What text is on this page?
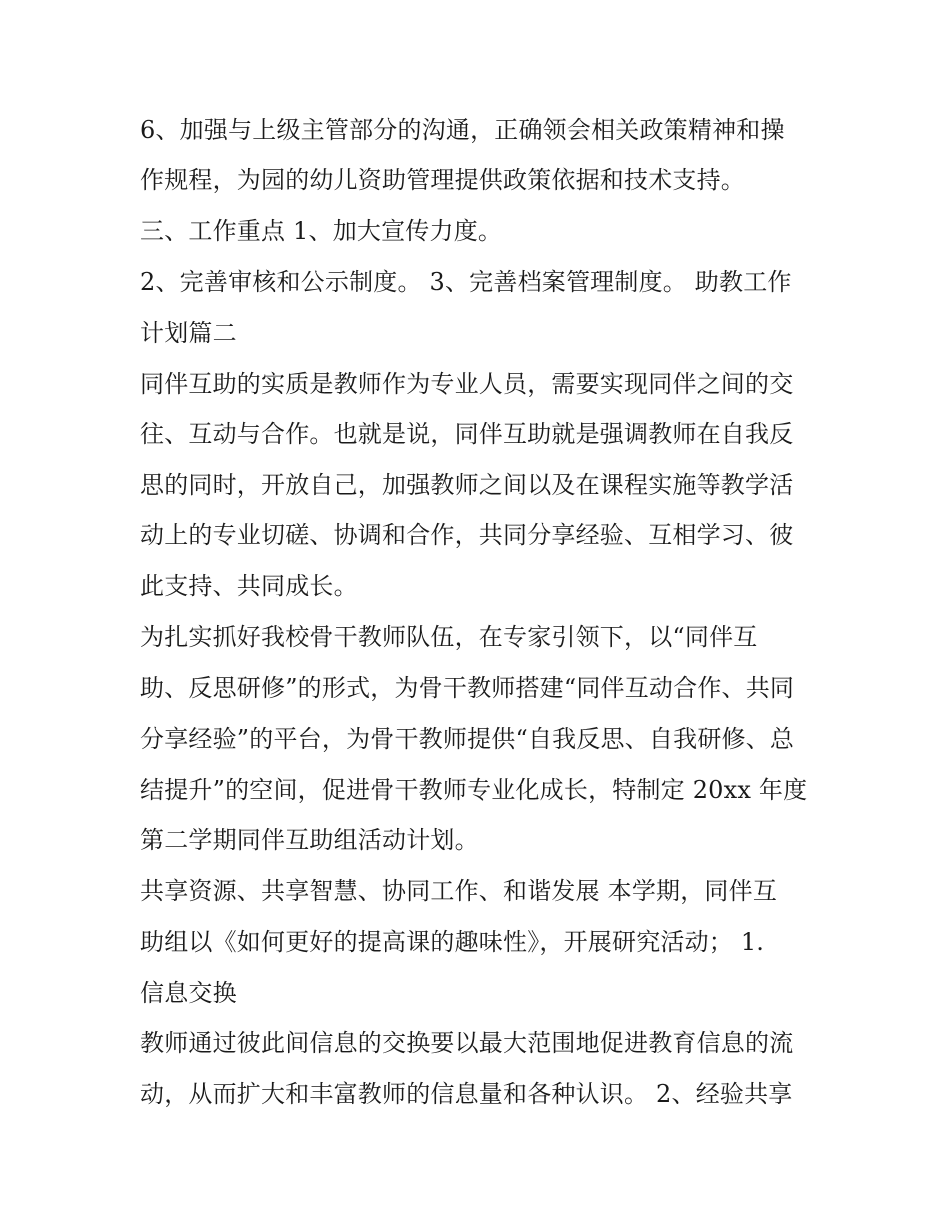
6、加强与上级主管部分的沟通，正确领会相关政策精神和操
作规程，为园的幼儿资助管理提供政策依据和技术支持。
三、工作重点 1、加大宣传力度。
2、完善审核和公示制度。 3、完善档案管理制度。 助教工作
计划篇二
同伴互助的实质是教师作为专业人员，需要实现同伴之间的交
往、互动与合作。也就是说，同伴互助就是强调教师在自我反
思的同时，开放自己，加强教师之间以及在课程实施等教学活
动上的专业切磋、协调和合作，共同分享经验、互相学习、彼
此支持、共同成长。
为扎实抓好我校骨干教师队伍，在专家引领下，以“同伴互
助、反思研修”的形式，为骨干教师搭建“同伴互动合作、共同
分享经验”的平台，为骨干教师提供“自我反思、自我研修、总
结提升”的空间，促进骨干教师专业化成长，特制定 20xx 年度
第二学期同伴互助组活动计划。
共享资源、共享智慧、协同工作、和谐发展 本学期，同伴互
助组以《如何更好的提高课的趣味性》，开展研究活动； 1.
信息交换
教师通过彼此间信息的交换要以最大范围地促进教育信息的流
动，从而扩大和丰富教师的信息量和各种认识。 2、经验共享
